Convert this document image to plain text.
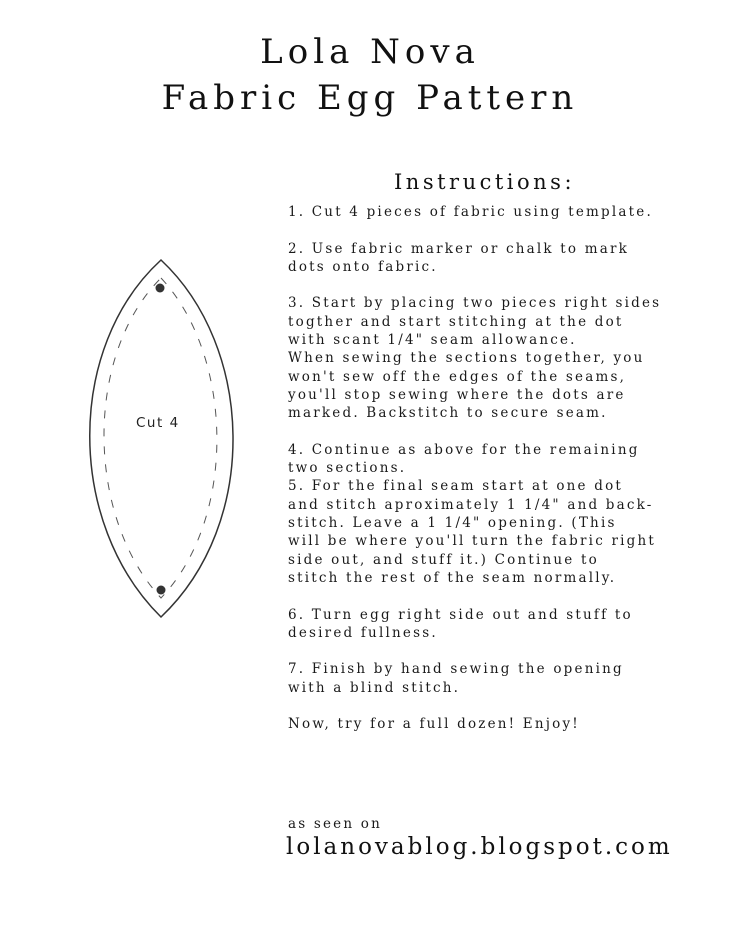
Lola Nova
Fabric Egg Pattern
Cut 4
Instructions:

1. Cut 4 pieces of fabric using template.

2. Use fabric marker or chalk to mark
dots onto fabric.

3. Start by placing two pieces right sides
togther and start stitching at the dot
with scant 1/4" seam allowance.
When sewing the sections together, you
won't sew off the edges of the seams,
you'll stop sewing where the dots are
marked. Backstitch to secure seam.

4. Continue as above for the remaining
two sections.

5. For the final seam start at one dot
and stitch aproximately 1 1/4" and back-
stitch. Leave a 1 1/4" opening. (This
will be where you'll turn the fabric right
side out, and stuff it.) Continue to
stitch the rest of the seam normally.

6. Turn egg right side out and stuff to
desired fullness.

7. Finish by hand sewing the opening
with a blind stitch.

Now, try for a full dozen! Enjoy!

as seen on
lolanovablog.blogspot.com
